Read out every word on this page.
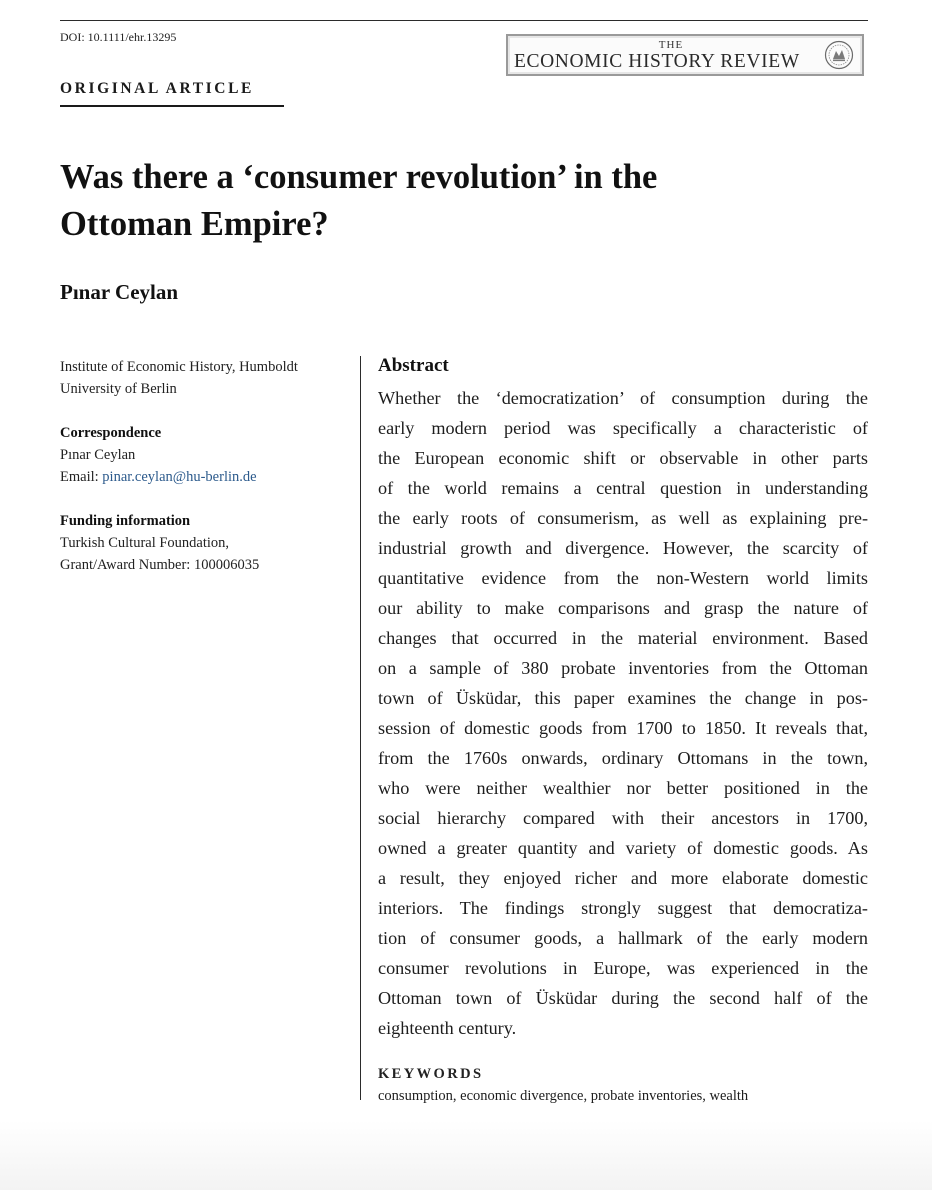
DOI: 10.1111/ehr.13295
THE
ECONOMIC HISTORY REVIEW
ORIGINAL ARTICLE
Was there a ‘consumer revolution’ in the Ottoman Empire?
Pınar Ceylan
Institute of Economic History, Humboldt
University of Berlin
Correspondence
Pınar Ceylan
Email: pinar.ceylan@hu-berlin.de
Funding information
Turkish Cultural Foundation,
Grant/Award Number: 100006035
Abstract
Whether the ‘democratization’ of consumption during the
early modern period was specifically a characteristic of
the European economic shift or observable in other parts
of the world remains a central question in understanding
the early roots of consumerism, as well as explaining pre-
industrial growth and divergence. However, the scarcity of
quantitative evidence from the non-Western world limits
our ability to make comparisons and grasp the nature of
changes that occurred in the material environment. Based
on a sample of 380 probate inventories from the Ottoman
town of Üsküdar, this paper examines the change in pos-
session of domestic goods from 1700 to 1850. It reveals that,
from the 1760s onwards, ordinary Ottomans in the town,
who were neither wealthier nor better positioned in the
social hierarchy compared with their ancestors in 1700,
owned a greater quantity and variety of domestic goods. As
a result, they enjoyed richer and more elaborate domestic
interiors. The findings strongly suggest that democratiza-
tion of consumer goods, a hallmark of the early modern
consumer revolutions in Europe, was experienced in the
Ottoman town of Üsküdar during the second half of the
eighteenth century.
KEYWORDS
consumption, economic divergence, probate inventories, wealth
